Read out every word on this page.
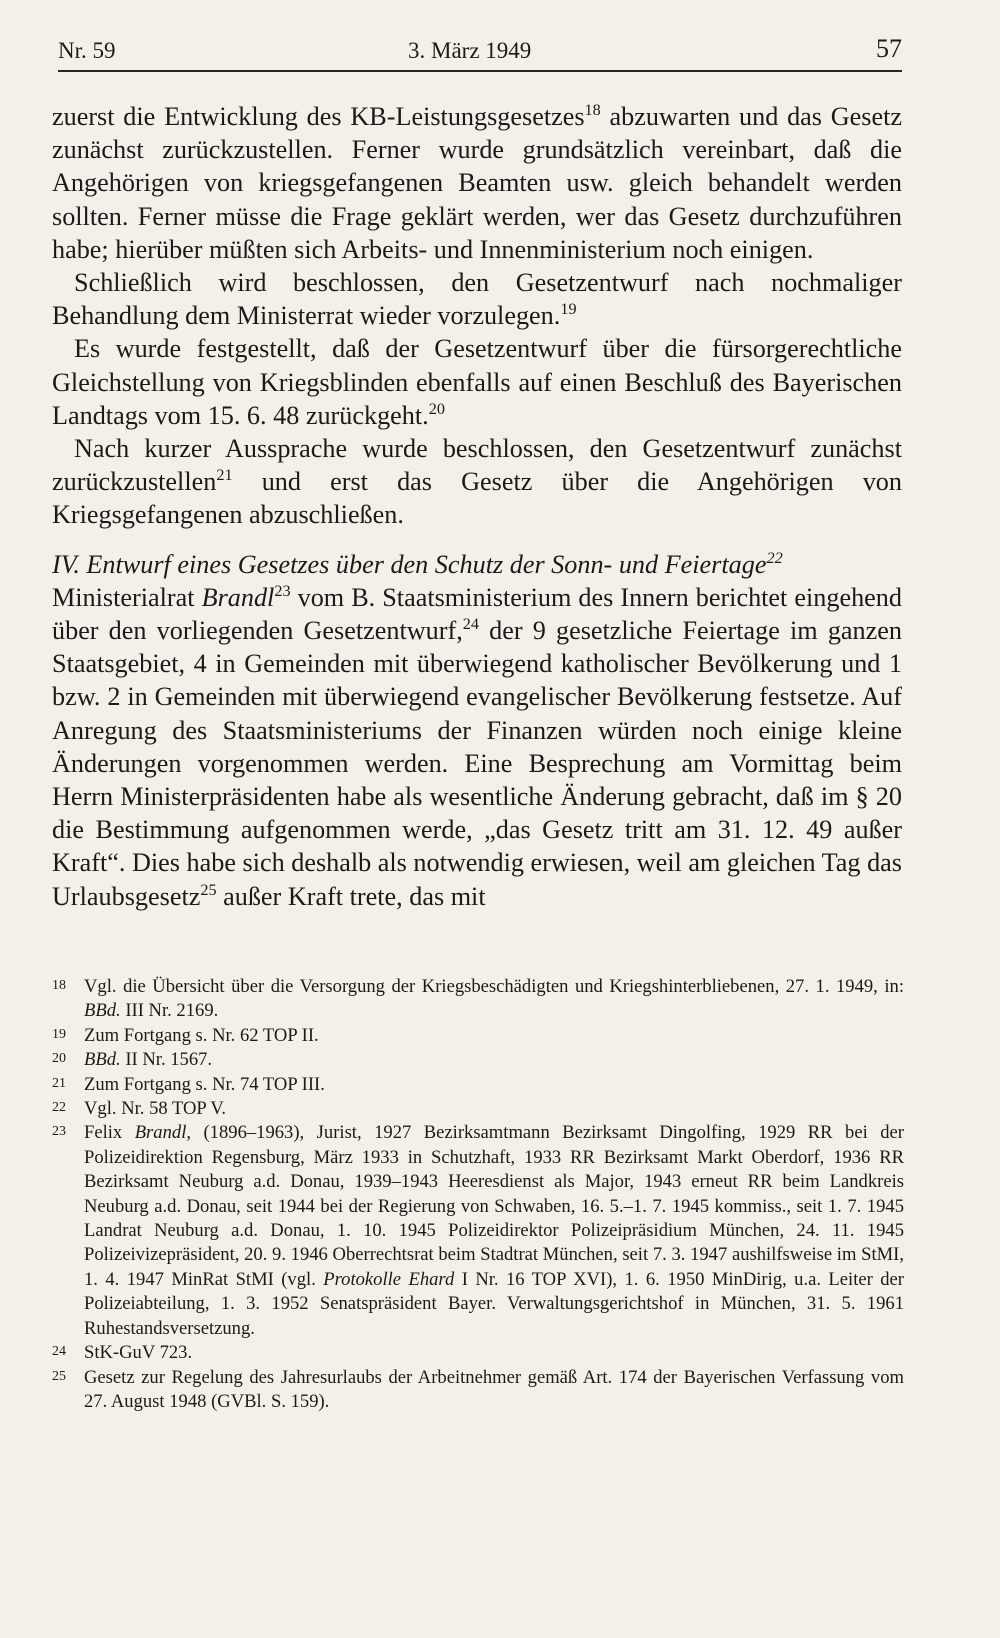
Nr. 59	3. März 1949	57

zuerst die Entwicklung des KB-Leistungsgesetzes$^{18}$ abzuwarten und das Gesetz zunächst zurückzustellen. Ferner wurde grundsätzlich vereinbart, daß die Angehörigen von kriegsgefangenen Beamten usw. gleich behandelt werden sollten. Ferner müsse die Frage geklärt werden, wer das Gesetz durchzuführen habe; hierüber müßten sich Arbeits- und Innenministerium noch einigen.

Schließlich wird beschlossen, den Gesetzentwurf nach nochmaliger Behandlung dem Ministerrat wieder vorzulegen.$^{19}$

Es wurde festgestellt, daß der Gesetzentwurf über die fürsorgerechtliche Gleichstellung von Kriegsblinden ebenfalls auf einen Beschluß des Bayerischen Landtags vom 15. 6. 48 zurückgeht.$^{20}$

Nach kurzer Aussprache wurde beschlossen, den Gesetzentwurf zunächst zurückzustellen$^{21}$ und erst das Gesetz über die Angehörigen von Kriegsgefangenen abzuschließen.

IV. Entwurf eines Gesetzes über den Schutz der Sonn- und Feiertage$^{22}$

Ministerialrat Brandl$^{23}$ vom B. Staatsministerium des Innern berichtet eingehend über den vorliegenden Gesetzentwurf,$^{24}$ der 9 gesetzliche Feiertage im ganzen Staatsgebiet, 4 in Gemeinden mit überwiegend katholischer Bevölkerung und 1 bzw. 2 in Gemeinden mit überwiegend evangelischer Bevölkerung festsetze. Auf Anregung des Staatsministeriums der Finanzen würden noch einige kleine Änderungen vorgenommen werden. Eine Besprechung am Vormittag beim Herrn Ministerpräsidenten habe als wesentliche Änderung gebracht, daß im § 20 die Bestimmung aufgenommen werde, „das Gesetz tritt am 31. 12. 49 außer Kraft“. Dies habe sich deshalb als notwendig erwiesen, weil am gleichen Tag das Urlaubsgesetz$^{25}$ außer Kraft trete, das mit

18 Vgl. die Übersicht über die Versorgung der Kriegsbeschädigten und Kriegshinterbliebenen, 27. 1. 1949, in: BBd. III Nr. 2169.
19 Zum Fortgang s. Nr. 62 TOP II.
20 BBd. II Nr. 1567.
21 Zum Fortgang s. Nr. 74 TOP III.
22 Vgl. Nr. 58 TOP V.
23 Felix Brandl, (1896–1963), Jurist, 1927 Bezirksamtmann Bezirksamt Dingolfing, 1929 RR bei der Polizeidirektion Regensburg, März 1933 in Schutzhaft, 1933 RR Bezirksamt Markt Oberdorf, 1936 RR Bezirksamt Neuburg a.d. Donau, 1939–1943 Heeresdienst als Major, 1943 erneut RR beim Landkreis Neuburg a.d. Donau, seit 1944 bei der Regierung von Schwaben, 16. 5.–1. 7. 1945 kommiss., seit 1. 7. 1945 Landrat Neuburg a.d. Donau, 1. 10. 1945 Polizeidirektor Polizeipräsidium München, 24. 11. 1945 Polizeivizepräsident, 20. 9. 1946 Oberrechtsrat beim Stadtrat München, seit 7. 3. 1947 aushilfsweise im StMI, 1. 4. 1947 MinRat StMI (vgl. Protokolle Ehard I Nr. 16 TOP XVI), 1. 6. 1950 MinDirig, u.a. Leiter der Polizeiabteilung, 1. 3. 1952 Senatspräsident Bayer. Verwaltungsgerichtshof in München, 31. 5. 1961 Ruhestandsversetzung.
24 StK-GuV 723.
25 Gesetz zur Regelung des Jahresurlaubs der Arbeitnehmer gemäß Art. 174 der Bayerischen Verfassung vom 27. August 1948 (GVBl. S. 159).
